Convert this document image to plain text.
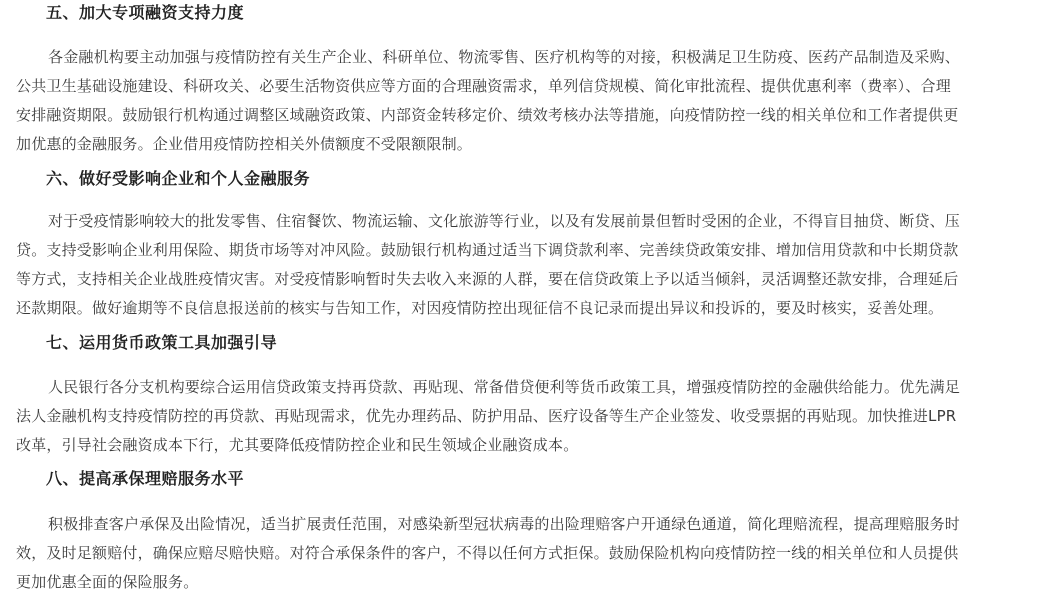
五、加大专项融资支持力度
各金融机构要主动加强与疫情防控有关生产企业、科研单位、物流零售、医疗机构等的对接，积极满足卫生防疫、医药产品制造及采购、
公共卫生基础设施建设、科研攻关、必要生活物资供应等方面的合理融资需求，单列信贷规模、简化审批流程、提供优惠利率（费率）、合理
安排融资期限。鼓励银行机构通过调整区域融资政策、内部资金转移定价、绩效考核办法等措施，向疫情防控一线的相关单位和工作者提供更
加优惠的金融服务。企业借用疫情防控相关外债额度不受限额限制。
六、做好受影响企业和个人金融服务
对于受疫情影响较大的批发零售、住宿餐饮、物流运输、文化旅游等行业，以及有发展前景但暂时受困的企业，不得盲目抽贷、断贷、压
贷。支持受影响企业利用保险、期货市场等对冲风险。鼓励银行机构通过适当下调贷款利率、完善续贷政策安排、增加信用贷款和中长期贷款
等方式，支持相关企业战胜疫情灾害。对受疫情影响暂时失去收入来源的人群，要在信贷政策上予以适当倾斜，灵活调整还款安排，合理延后
还款期限。做好逾期等不良信息报送前的核实与告知工作，对因疫情防控出现征信不良记录而提出异议和投诉的，要及时核实，妥善处理。
七、运用货币政策工具加强引导
人民银行各分支机构要综合运用信贷政策支持再贷款、再贴现、常备借贷便利等货币政策工具，增强疫情防控的金融供给能力。优先满足
法人金融机构支持疫情防控的再贷款、再贴现需求，优先办理药品、防护用品、医疗设备等生产企业签发、收受票据的再贴现。加快推进LPR
改革，引导社会融资成本下行，尤其要降低疫情防控企业和民生领域企业融资成本。
八、提高承保理赔服务水平
积极排查客户承保及出险情况，适当扩展责任范围，对感染新型冠状病毒的出险理赔客户开通绿色通道，简化理赔流程，提高理赔服务时
效，及时足额赔付，确保应赔尽赔快赔。对符合承保条件的客户，不得以任何方式拒保。鼓励保险机构向疫情防控一线的相关单位和人员提供
更加优惠全面的保险服务。
